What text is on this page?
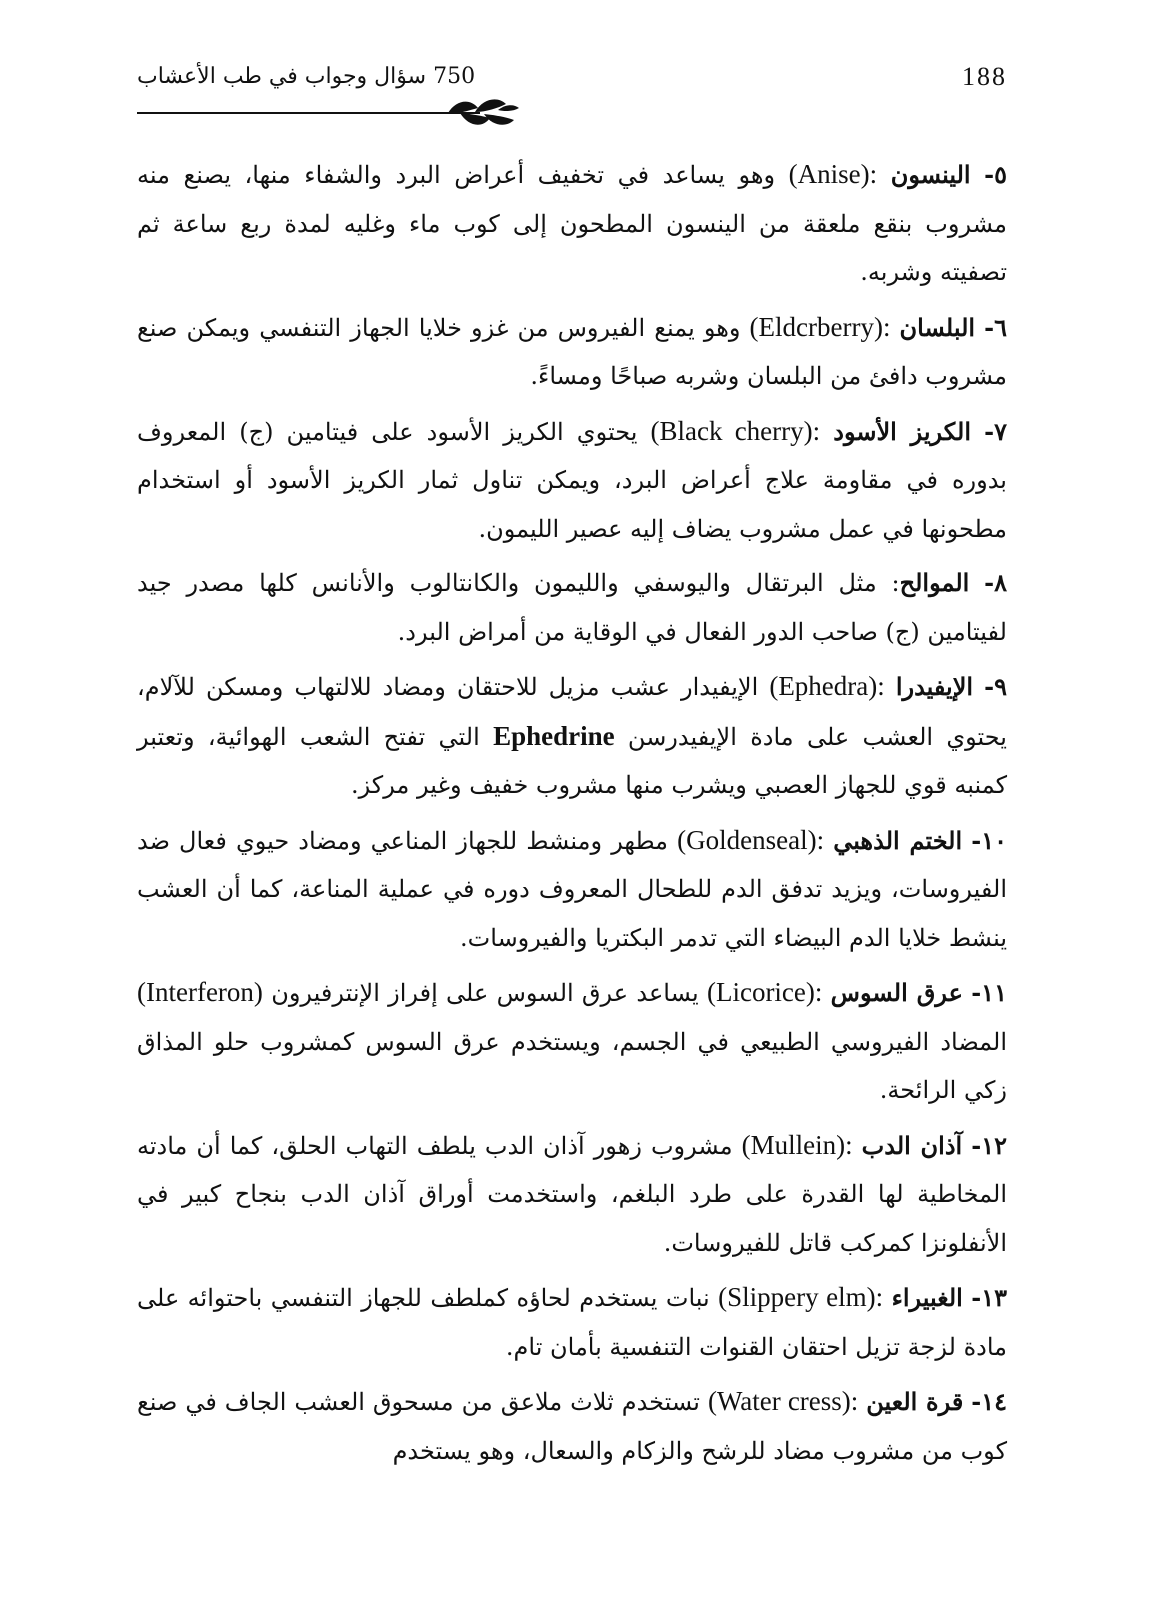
750 سؤال وجواب في طب الأعشاب	188

٥- الينسون (Anise): وهو يساعد في تخفيف أعراض البرد والشفاء منها، يصنع منه مشروب بنقع ملعقة من الينسون المطحون إلى كوب ماء وغليه لمدة ربع ساعة ثم تصفيته وشربه.

٦- البلسان (Eldcrberry): وهو يمنع الفيروس من غزو خلايا الجهاز التنفسي ويمكن صنع مشروب دافئ من البلسان وشربه صباحًا ومساءً.

٧- الكريز الأسود (Black cherry): يحتوي الكريز الأسود على فيتامين (ج) المعروف بدوره في مقاومة علاج أعراض البرد، ويمكن تناول ثمار الكريز الأسود أو استخدام مطحونها في عمل مشروب يضاف إليه عصير الليمون.

٨- الموالح: مثل البرتقال واليوسفي والليمون والكانتالوب والأنانس كلها مصدر جيد لفيتامين (ج) صاحب الدور الفعال في الوقاية من أمراض البرد.

٩- الإيفيدرا (Ephedra): الإيفيدار عشب مزيل للاحتقان ومضاد للالتهاب ومسكن للآلام، يحتوي العشب على مادة الإيفيدرسن Ephedrine التي تفتح الشعب الهوائية، وتعتبر كمنبه قوي للجهاز العصبي ويشرب منها مشروب خفيف وغير مركز.

١٠- الختم الذهبي (Goldenseal): مطهر ومنشط للجهاز المناعي ومضاد حيوي فعال ضد الفيروسات، ويزيد تدفق الدم للطحال المعروف دوره في عملية المناعة، كما أن العشب ينشط خلايا الدم البيضاء التي تدمر البكتريا والفيروسات.

١١- عرق السوس (Licorice): يساعد عرق السوس على إفراز الإنترفيرون (Interferon) المضاد الفيروسي الطبيعي في الجسم، ويستخدم عرق السوس كمشروب حلو المذاق زكي الرائحة.

١٢- آذان الدب (Mullein): مشروب زهور آذان الدب يلطف التهاب الحلق، كما أن مادته المخاطية لها القدرة على طرد البلغم، واستخدمت أوراق آذان الدب بنجاح كبير في الأنفلونزا كمركب قاتل للفيروسات.

١٣- الغبيراء (Slippery elm): نبات يستخدم لحاؤه كملطف للجهاز التنفسي باحتوائه على مادة لزجة تزيل احتقان القنوات التنفسية بأمان تام.

١٤- قرة العين (Water cress): تستخدم ثلاث ملاعق من مسحوق العشب الجاف في صنع كوب من مشروب مضاد للرشح والزكام والسعال، وهو يستخدم
